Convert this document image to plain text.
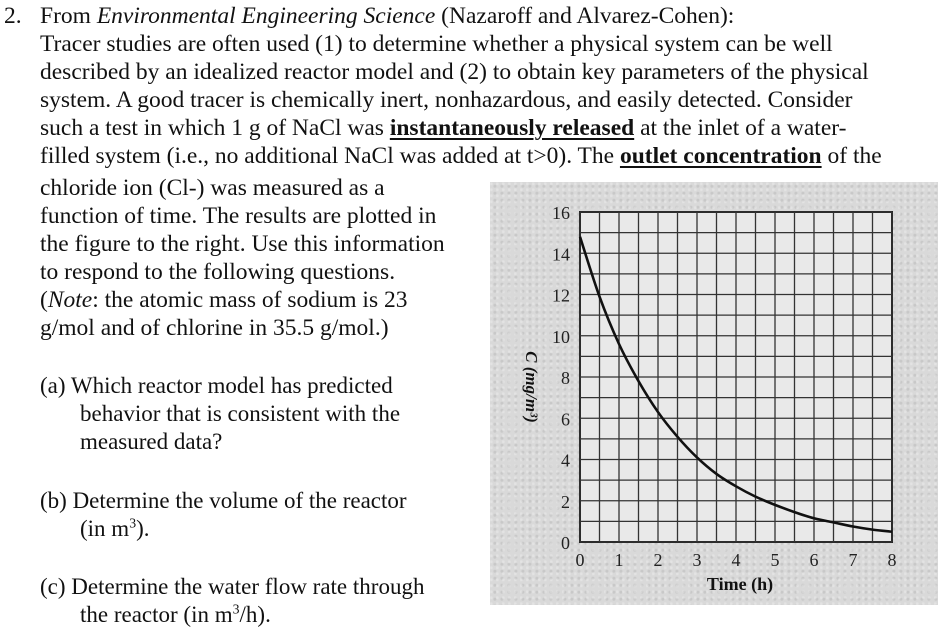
2. From Environmental Engineering Science (Nazaroff and Alvarez-Cohen):
Tracer studies are often used (1) to determine whether a physical system can be well
described by an idealized reactor model and (2) to obtain key parameters of the physical
system. A good tracer is chemically inert, nonhazardous, and easily detected. Consider
such a test in which 1 g of NaCl was instantaneously released at the inlet of a water-
filled system (i.e., no additional NaCl was added at t>0). The outlet concentration of the
chloride ion (Cl-) was measured as a
function of time. The results are plotted in
the figure to the right. Use this information
to respond to the following questions.
(Note: the atomic mass of sodium is 23
g/mol and of chlorine in 35.5 g/mol.)
(a) Which reactor model has predicted
behavior that is consistent with the
measured data?
(b) Determine the volume of the reactor
(in $m^3$).
(c) Determine the water flow rate through
the reactor (in $m^3/h$).
0
2
4
6
8
10
12
14
16
0 1 2 3 4 5 6 7 8
C (mg/m³)
Time (h)
